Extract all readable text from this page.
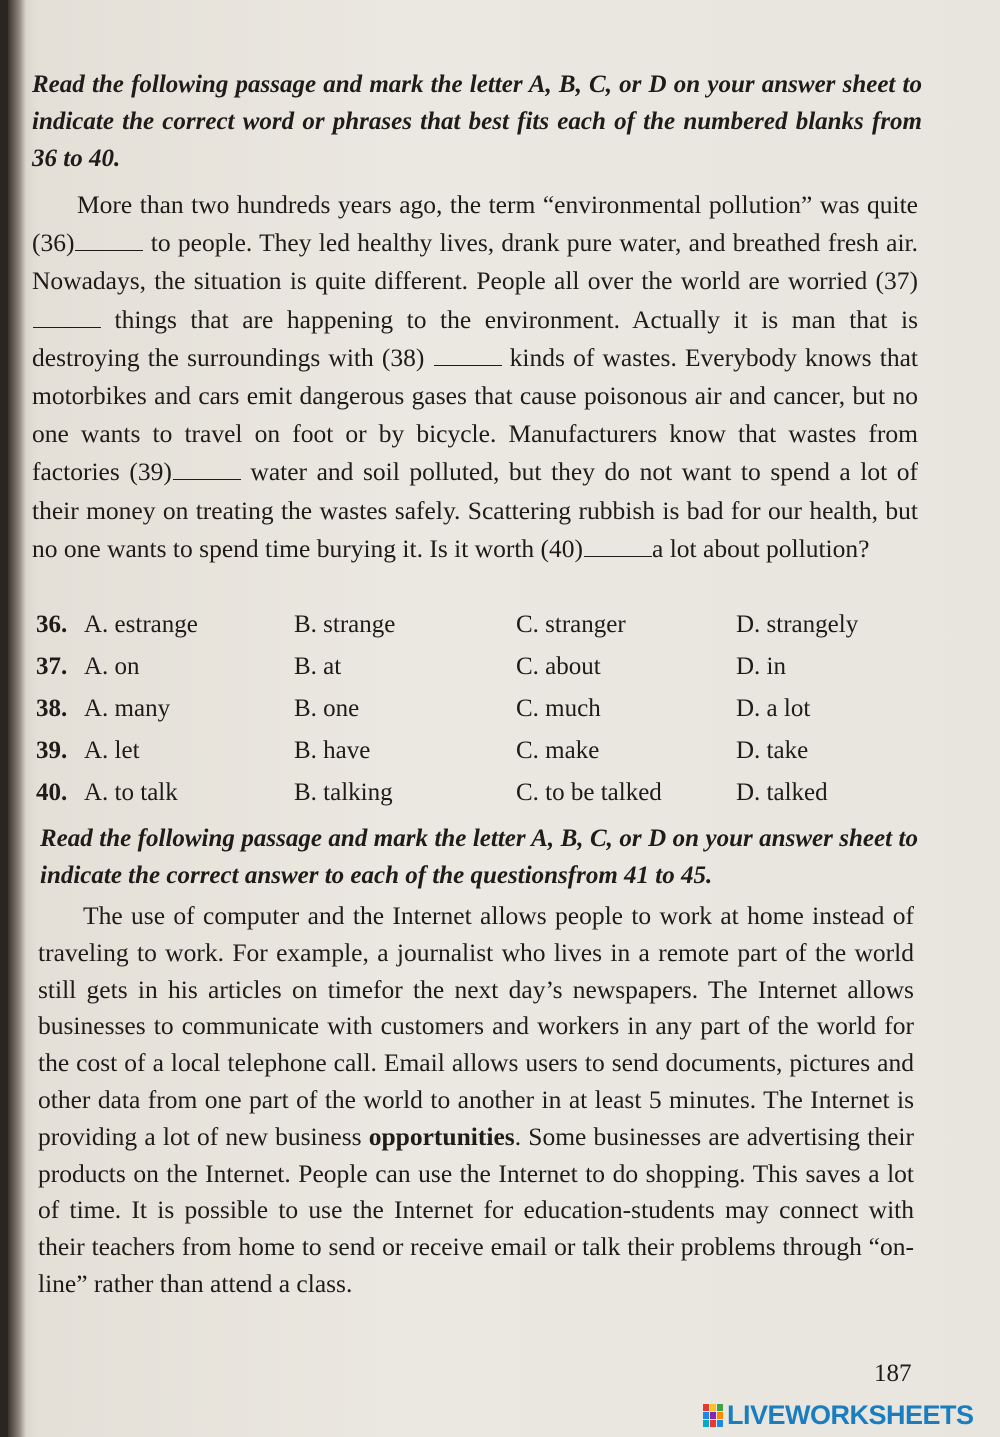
Read the following passage and mark the letter A, B, C, or D on your answer sheet to indicate the correct word or phrases that best fits each of the numbered blanks from 36 to 40.

More than two hundreds years ago, the term “environmental pollution” was quite (36)	to people. They led healthy lives, drank pure water, and breathed fresh air. Nowadays, the situation is quite different. People all over the world are worried (37) things that are happening to the environment. Actually it is man that is destroying the surroundings with (38)	kinds of wastes. Everybody knows that motorbikes and cars emit dangerous gases that cause poisonous air and cancer, but no one wants to travel on foot or by bicycle. Manufacturers know that wastes from factories (39)	water and soil polluted, but they do not want to spend a lot of their money on treating the wastes safely. Scattering rubbish is bad for our health, but no one wants to spend time burying it. Is it worth (40)	a lot about pollution?

36. A. estrange	B. strange	C. stranger	D. strangely
37. A. on	B. at	C. about	D. in
38. A. many	B. one	C. much	D. a lot
39. A. let	B. have	C. make	D. take
40. A. to talk	B. talking	C. to be talked	D. talked
Read the following passage and mark the letter A, B, C, or D on your answer sheet to indicate the correct answer to each of the questionsfrom 41 to 45.

The use of computer and the Internet allows people to work at home instead of traveling to work. For example, a journalist who lives in a remote part of the world still gets in his articles on timefor the next day’s newspapers. The Internet allows businesses to communicate with customers and workers in any part of the world for the cost of a local telephone call. Email allows users to send documents, pictures and other data from one part of the world to another in at least 5 minutes. The Internet is providing a lot of new business opportunities. Some businesses are advertising their products on the Internet. People can use the Internet to do shopping. This saves a lot of time. It is possible to use the Internet for education-students may connect with their teachers from home to send or receive email or talk their problems through “on-line” rather than attend a class.

187
LIVEWORKSHEETS
